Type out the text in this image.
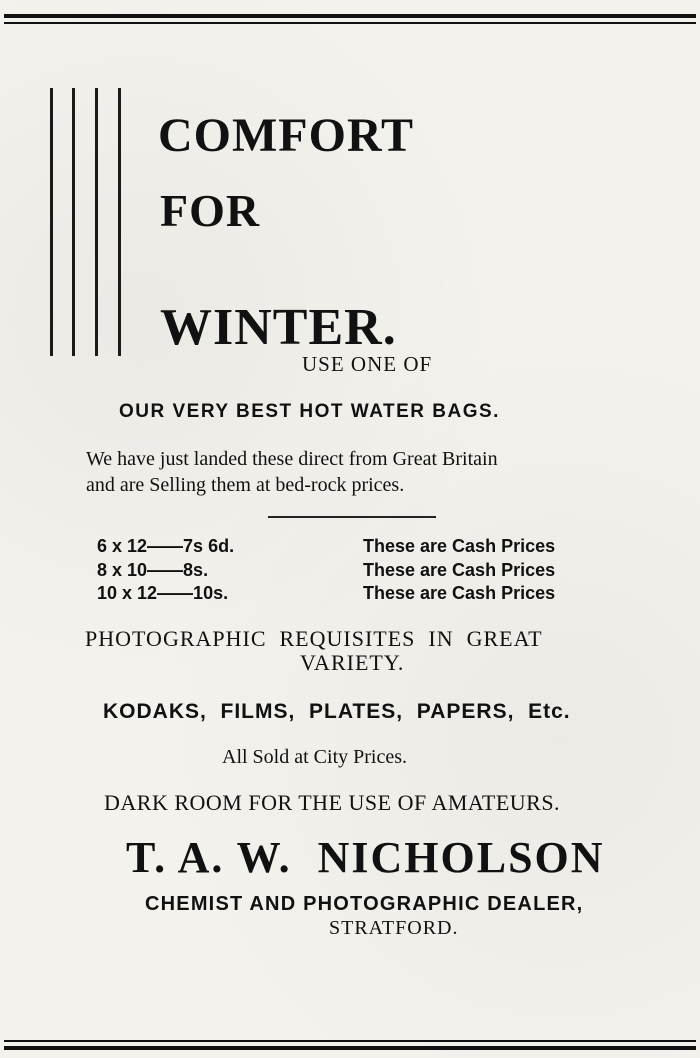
COMFORT
FOR
WINTER.
USE ONE OF
OUR VERY BEST HOT WATER BAGS.
We have just landed these direct from Great Britain
and are Selling them at bed-rock prices.
6 x 12——7s 6d.	These are Cash Prices
8 x 10——8s.	These are Cash Prices
10 x 12——10s.	These are Cash Prices
PHOTOGRAPHIC  REQUISITES  IN  GREAT
VARIETY.
KODAKS,  FILMS,  PLATES,  PAPERS,  Etc.
All Sold at City Prices.
DARK ROOM FOR THE USE OF AMATEURS.
T. A. W.  NICHOLSON
CHEMIST AND PHOTOGRAPHIC DEALER,
STRATFORD.
